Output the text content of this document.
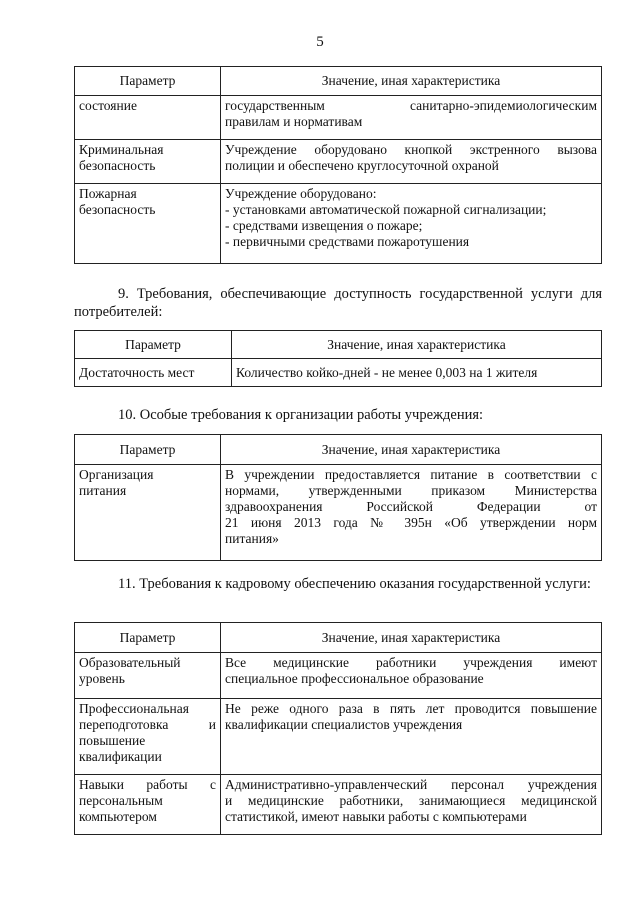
5
Параметр	Значение, иная характеристика

состояние	государственным санитарно-эпидемиологическим
правилам и нормативам

Криминальная
безопасность	Учреждение оборудовано кнопкой экстренного вызова
полиции и обеспечено круглосуточной охраной

Пожарная
безопасность	Учреждение оборудовано:
- установками автоматической пожарной сигнализации;
- средствами извещения о пожаре;
- первичными средствами пожаротушения
9. Требования, обеспечивающие доступность государственной услуги для потребителей:
Параметр	Значение, иная характеристика
Достаточность мест	Количество койко-дней - не менее 0,003 на 1 жителя
10. Особые требования к организации работы учреждения:
Параметр	Значение, иная характеристика

Организация
питания	В учреждении предоставляется питание в соответствии с
нормами, утвержденными приказом Министерства
здравоохранения Российской Федерации от
21 июня 2013 года № 395н «Об утверждении норм
питания»
11. Требования к кадровому обеспечению оказания государственной услуги:
Параметр	Значение, иная характеристика

Образовательный
уровень	Все медицинские работники учреждения имеют
специальное профессиональное образование

Профессиональная
переподготовка и
повышение
квалификации	Не реже одного раза в пять лет проводится повышение
квалификации специалистов учреждения

Навыки работы с
персональным
компьютером	Административно-управленческий персонал учреждения
и медицинские работники, занимающиеся медицинской
статистикой, имеют навыки работы с компьютерами
